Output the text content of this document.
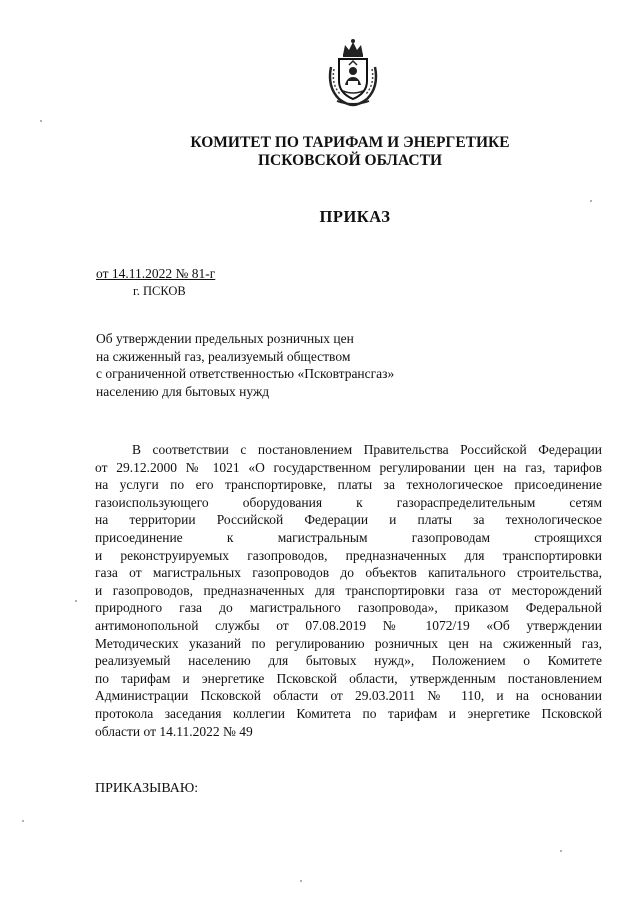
КОМИТЕТ ПО ТАРИФАМ И ЭНЕРГЕТИКЕ
ПСКОВСКОЙ ОБЛАСТИ
ПРИКАЗ
от 14.11.2022 № 81-г
г. ПСКОВ
Об утверждении предельных розничных цен
на сжиженный газ, реализуемый обществом
с ограниченной ответственностью «Псковтрансгаз»
населению для бытовых нужд
В соответствии с постановлением Правительства Российской Федерации
от 29.12.2000 № 1021 «О государственном регулировании цен на газ, тарифов
на услуги по его транспортировке, платы за технологическое присоединение
газоиспользующего оборудования к газораспределительным сетям
на территории Российской Федерации и платы за технологическое
присоединение к магистральным газопроводам строящихся
и реконструируемых газопроводов, предназначенных для транспортировки
газа от магистральных газопроводов до объектов капитального строительства,
и газопроводов, предназначенных для транспортировки газа от месторождений
природного газа до магистрального газопровода», приказом Федеральной
антимонопольной службы от 07.08.2019 № 1072/19 «Об утверждении
Методических указаний по регулированию розничных цен на сжиженный газ,
реализуемый населению для бытовых нужд», Положением о Комитете
по тарифам и энергетике Псковской области, утвержденным постановлением
Администрации Псковской области от 29.03.2011 № 110, и на основании
протокола заседания коллегии Комитета по тарифам и энергетике Псковской
области от 14.11.2022 № 49
ПРИКАЗЫВАЮ:
